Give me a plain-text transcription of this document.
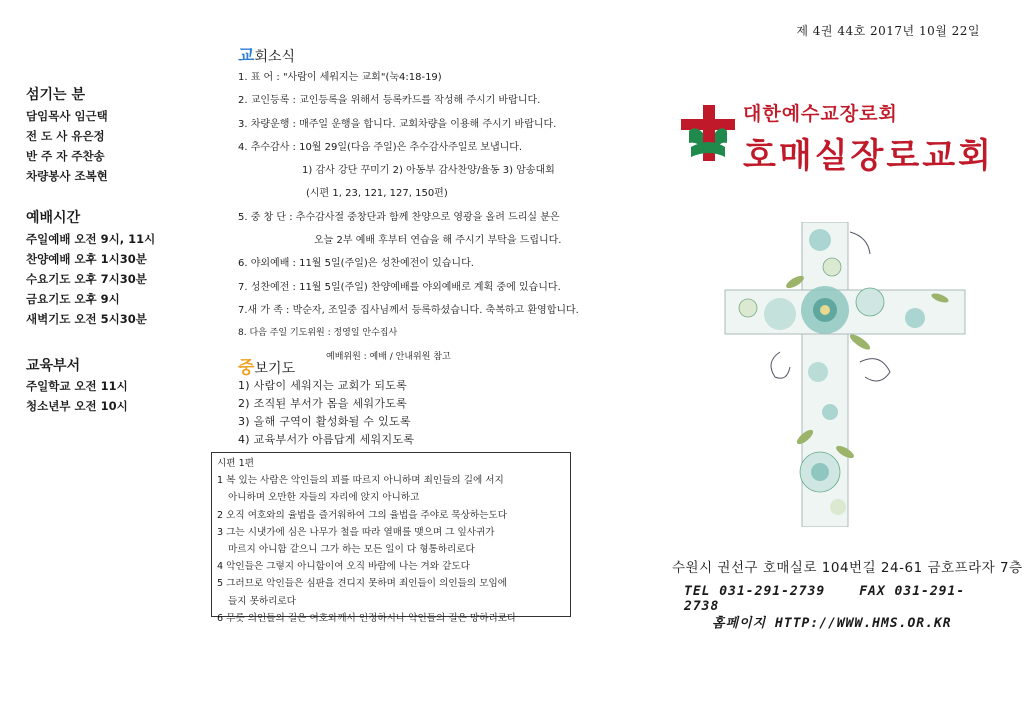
제 4권 44호 2017년 10월 22일
섬기는 분
담임목사 임근택
전 도 사 유은정
반 주 자 주찬송
차량봉사 조복현
예배시간
주일예배 오전 9시, 11시
찬양예배 오후 1시30분
수요기도 오후 7시30분
금요기도 오후 9시
새벽기도 오전 5시30분
교육부서
주일학교 오전 11시
청소년부 오전 10시
교회소식
1. 표 어 : "사람이 세워지는 교회"(눅4:18-19)
2. 교인등록 : 교인등록을 위해서 등록카드를 작성해 주시기 바랍니다.
3. 차량운행 : 매주일 운행을 합니다. 교회차량을 이용해 주시기 바랍니다.
4. 추수감사 : 10월 29일(다음 주일)은 추수감사주일로 보냅니다.
1) 감사 강단 꾸미기 2) 아동부 감사찬양/율동 3) 암송대회
(시편 1, 23, 121, 127, 150편)
5. 중 창 단 : 추수감사절 중창단과 함께 찬양으로 영광을 올려 드리실 분은
오늘 2부 예배 후부터 연습을 해 주시기 부탁을 드립니다.
6. 야외예배 : 11월 5일(주일)은 성찬예전이 있습니다.
7. 성찬예전 : 11월 5일(주일) 찬양예배를 야외예배로 계획 중에 있습니다.
7.새 가 족 : 박순자, 조일중 집사님께서 등록하셨습니다. 축복하고 환영합니다.
8. 다음 주일 기도위원 : 정영일 안수집사
예배위원 : 예배 / 안내위원 참고
중보기도
1) 사람이 세워지는 교회가 되도록
2) 조직된 부서가 몸을 세워가도록
3) 올해 구역이 활성화될 수 있도록
4) 교육부서가 아름답게 세워지도록
시편 1편
1 복 있는 사람은 악인들의 꾀를 따르지 아니하며 죄인들의 길에 서지
아니하며 오만한 자들의 자리에 앉지 아니하고
2 오직 여호와의 율법을 즐거워하여 그의 율법을 주야로 묵상하는도다
3 그는 시냇가에 심은 나무가 철을 따라 열매를 맺으며 그 잎사귀가
마르지 아니함 같으니 그가 하는 모든 일이 다 형통하리로다
4 악인들은 그렇지 아니함이여 오직 바람에 나는 겨와 같도다
5 그러므로 악인들은 심판을 견디지 못하며 죄인들이 의인들의 모임에
들지 못하리로다
6 무릇 의인들의 길은 여호와께서 인정하시나 악인들의 길은 망하리로다
대한예수교장로회
호매실장로교회
수원시 권선구 호매실로 104번길 24-61 금호프라자 7층
TEL 031-291-2739	FAX 031-291-2738
홈페이지 HTTP://WWW.HMS.OR.KR
